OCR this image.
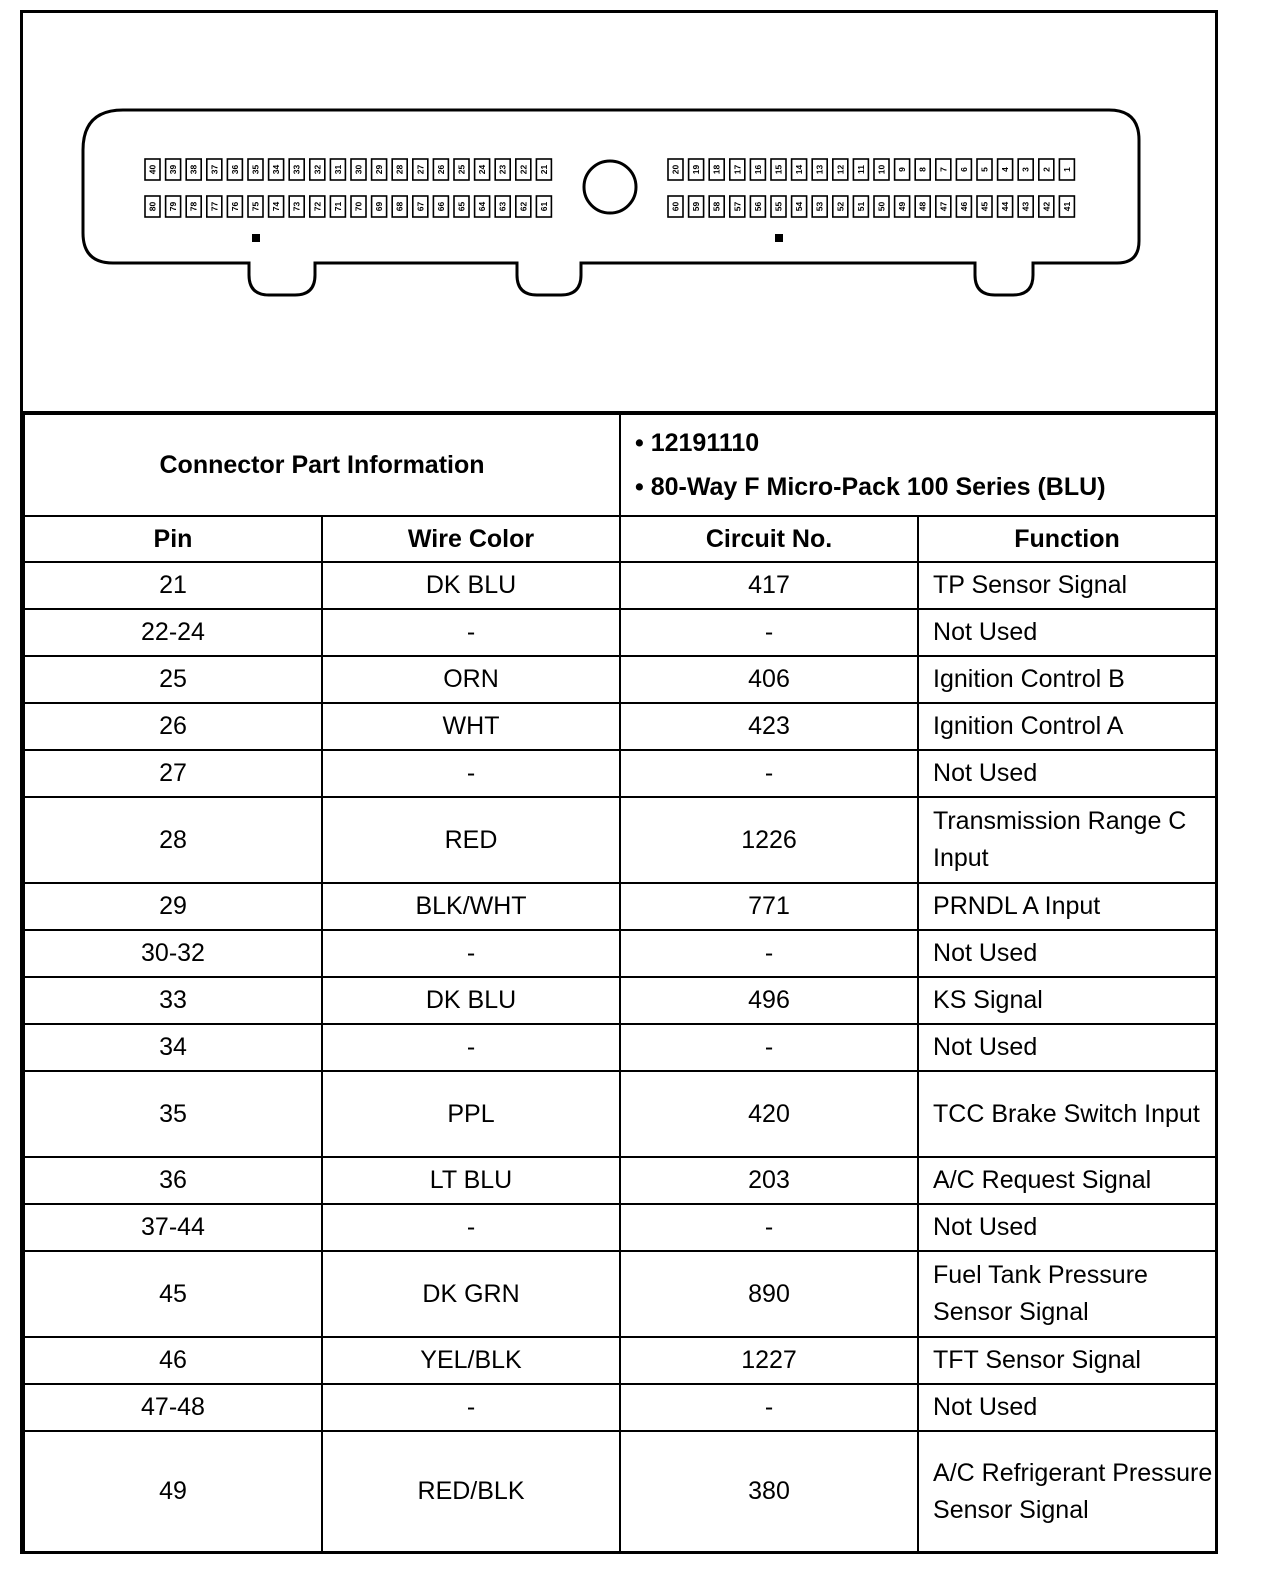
40 39 38 37 36 35 34 33 32 31 30 29 28 27 26 25 24 23 22 21
80 79 78 77 76 75 74 73 72 71 70 69 68 67 66 65 64 63 62 61
20 19 18 17 16 15 14 13 12 11 10 9 8 7 6 5 4 3 2 1
60 59 58 57 56 55 54 53 52 51 50 49 48 47 46 45 44 43 42 41
Connector Part Information		• 12191110
• 80-Way F Micro-Pack 100 Series (BLU)	

Pin	Wire Color	Circuit No.	Function
21	DK BLU	417	TP Sensor Signal
22-24	-	-	Not Used
25	ORN	406	Ignition Control B
26	WHT	423	Ignition Control A
27	-	-	Not Used
28	RED	1226	Transmission Range C Input
29	BLK/WHT	771	PRNDL A Input
30-32	-	-	Not Used
33	DK BLU	496	KS Signal
34	-	-	Not Used
35	PPL	420	TCC Brake Switch Input
36	LT BLU	203	A/C Request Signal
37-44	-	-	Not Used
45	DK GRN	890	Fuel Tank Pressure Sensor Signal
46	YEL/BLK	1227	TFT Sensor Signal
47-48	-	-	Not Used
49	RED/BLK	380	A/C Refrigerant Pressure Sensor Signal
